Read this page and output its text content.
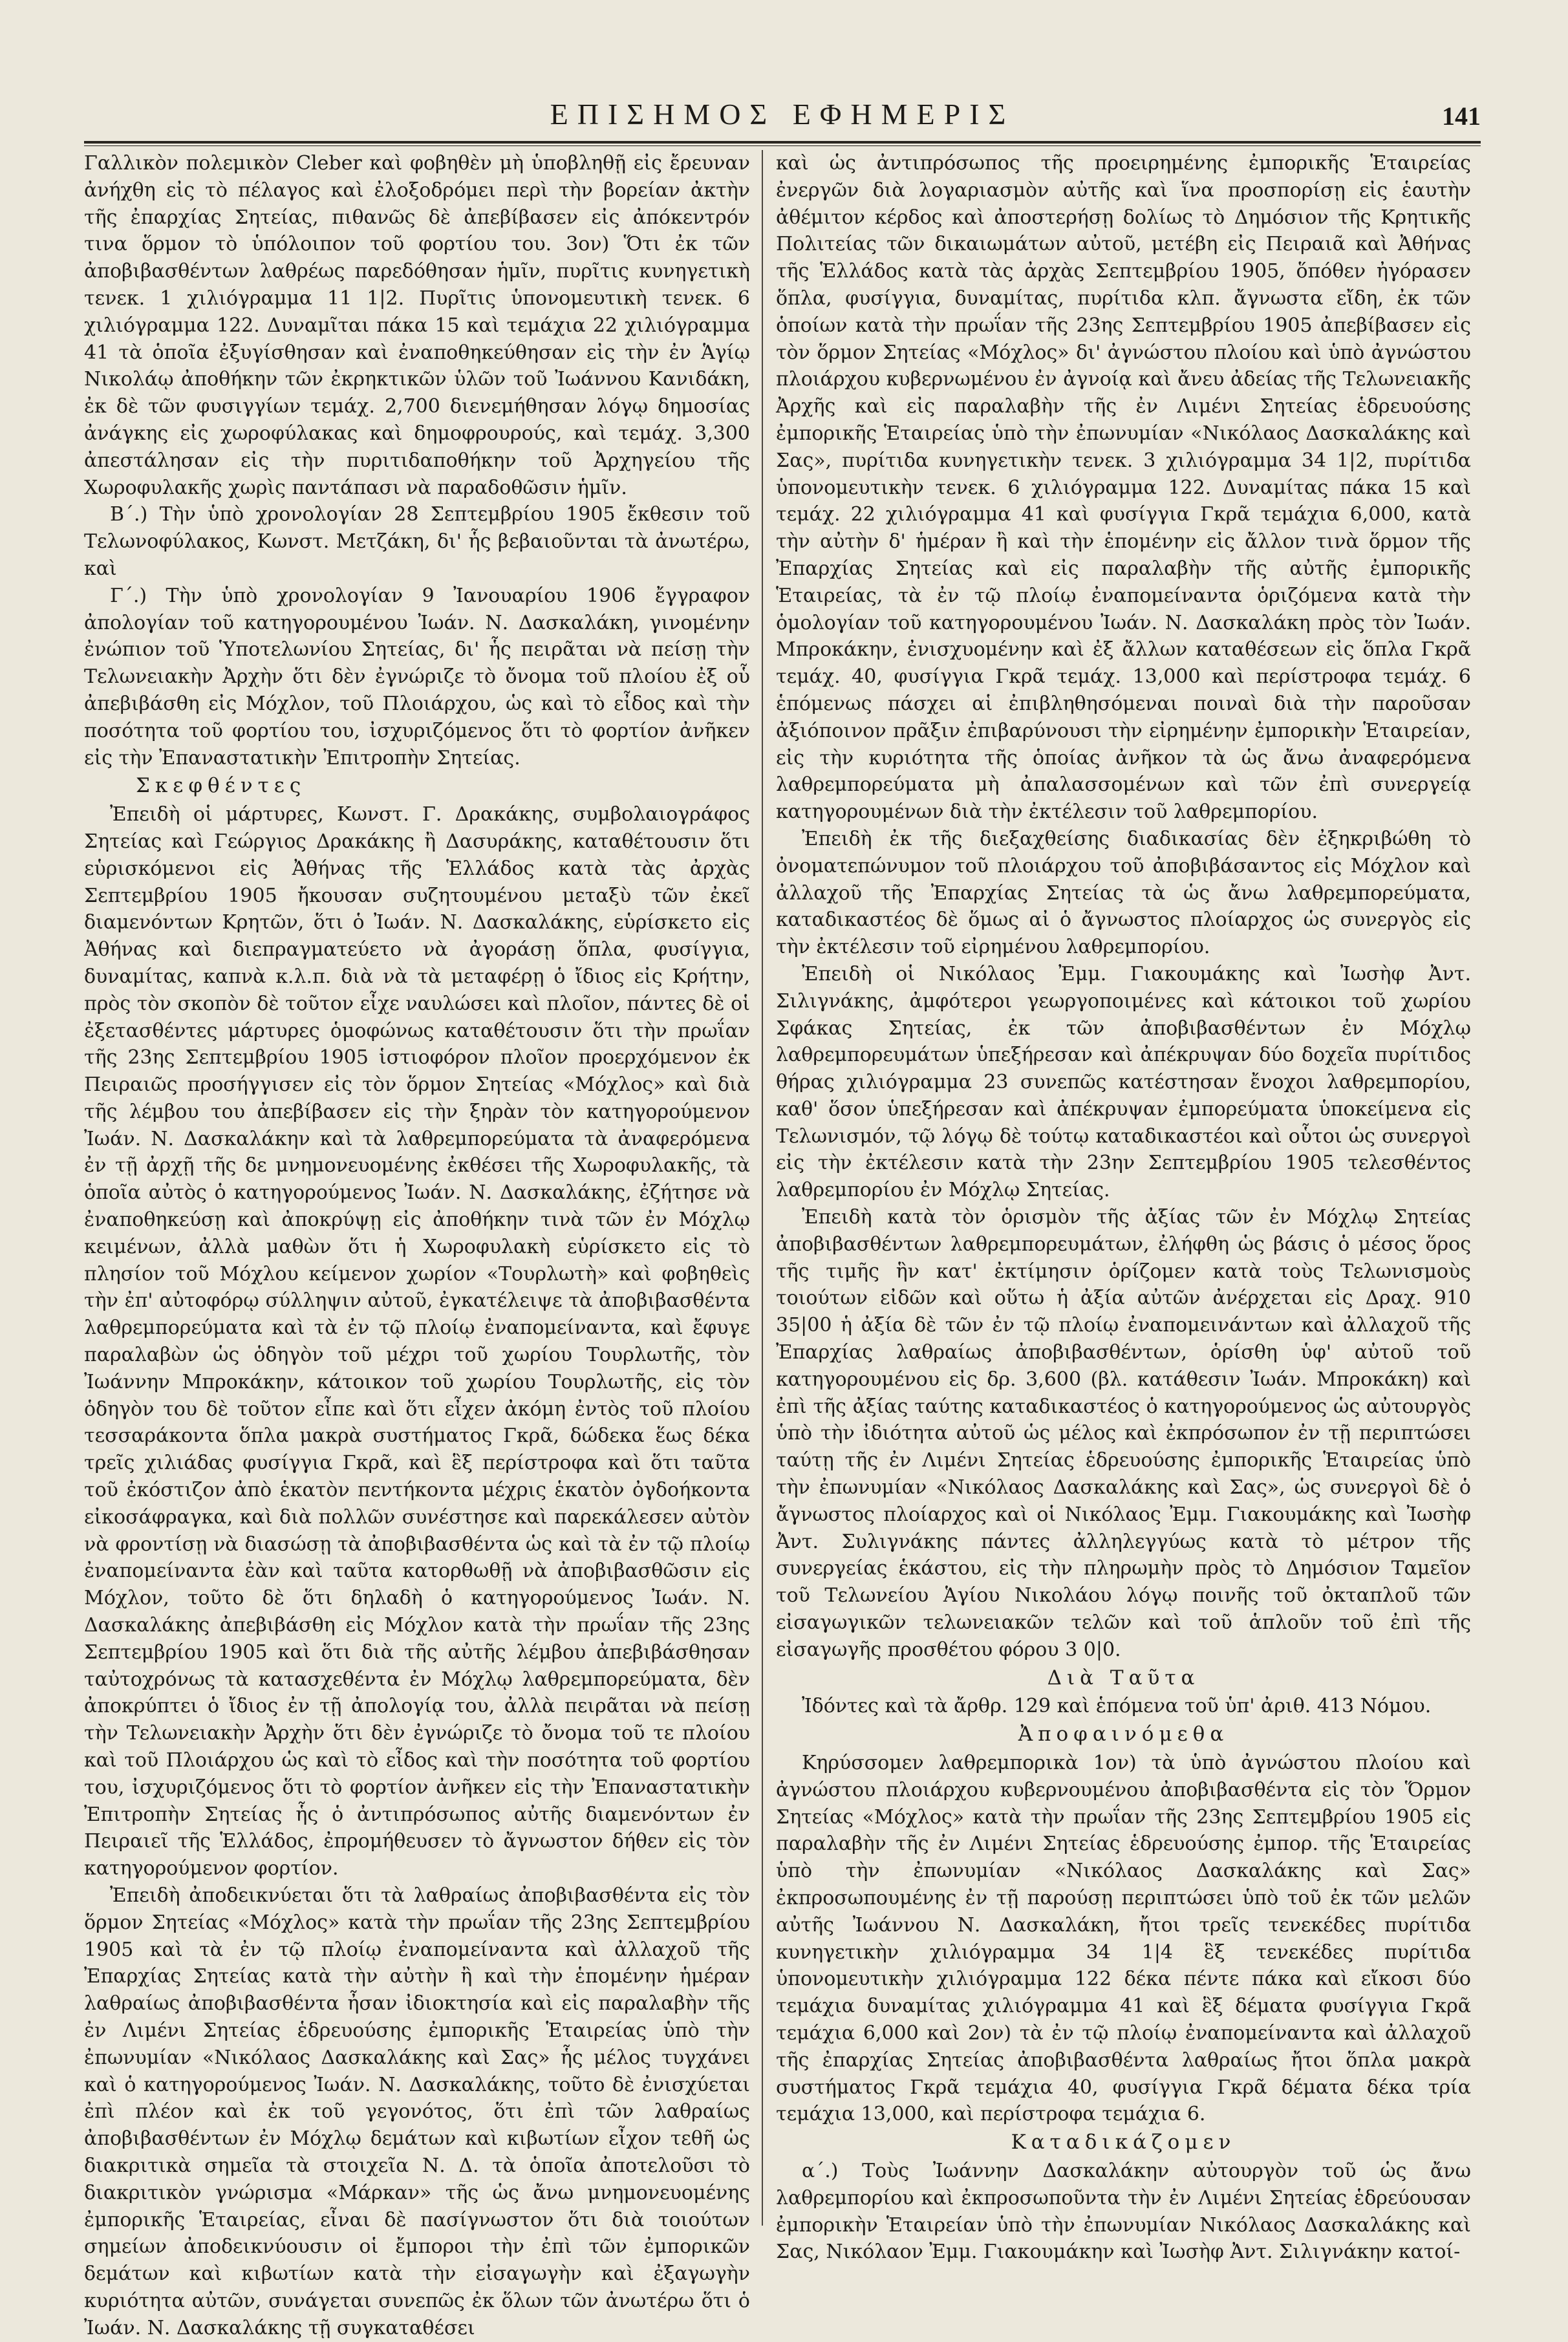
ΕΠΙΣΗΜΟΣ ΕΦΗΜΕΡΙΣ	141

Γαλλικὸν πολεμικὸν Cleber καὶ φοβηθὲν μὴ ὑποβληθῇ εἰς ἔρευναν ἀνήχθη εἰς τὸ πέλαγος καὶ ἐλοξοδρόμει περὶ τὴν βορείαν ἀκτὴν τῆς ἐπαρχίας Σητείας, πιθανῶς δὲ ἀπεβίβασεν εἰς ἀπόκεντρόν τινα ὅρμον τὸ ὑπόλοιπον τοῦ φορτίου του. 3ον) Ὅτι ἐκ τῶν ἀποβιβασθέντων λαθρέως παρεδόθησαν ἡμῖν, πυρῖτις κυνηγετικὴ τενεκ. 1 χιλιόγραμμα 11 1|2. Πυρῖτις ὑπονομευτικὴ τενεκ. 6 χιλιόγραμμα 122. Δυναμῖται πάκα 15 καὶ τεμάχια 22 χιλιόγραμμα 41 τὰ ὁποῖα ἐξυγίσθησαν καὶ ἐναποθηκεύθησαν εἰς τὴν ἐν Ἁγίῳ Νικολάῳ ἀποθήκην τῶν ἐκρηκτικῶν ὑλῶν τοῦ Ἰωάννου Κανιδάκη, ἐκ δὲ τῶν φυσιγγίων τεμάχ. 2,700 διενεμήθησαν λόγῳ δημοσίας ἀνάγκης εἰς χωροφύλακας καὶ δημοφρουρούς, καὶ τεμάχ. 3,300 ἀπεστάλησαν εἰς τὴν πυριτιδαποθήκην τοῦ Ἀρχηγείου τῆς Χωροφυλακῆς χωρὶς παντάπασι νὰ παραδοθῶσιν ἡμῖν.

Β΄.) Τὴν ὑπὸ χρονολογίαν 28 Σεπτεμβρίου 1905 ἔκθεσιν τοῦ Τελωνοφύλακος, Κωνστ. Μετζάκη, δι' ἧς βεβαιοῦνται τὰ ἀνωτέρω, καὶ

Γ΄.) Τὴν ὑπὸ χρονολογίαν 9 Ἰανουαρίου 1906 ἔγγραφον ἀπολογίαν τοῦ κατηγορουμένου Ἰωάν. Ν. Δασκαλάκη, γινομένην ἐνώπιον τοῦ Ὑποτελωνίου Σητείας, δι' ἧς πειρᾶται νὰ πείσῃ τὴν Τελωνειακὴν Ἀρχὴν ὅτι δὲν ἐγνώριζε τὸ ὄνομα τοῦ πλοίου ἐξ οὗ ἀπεβιβάσθη εἰς Μόχλον, τοῦ Πλοιάρχου, ὡς καὶ τὸ εἶδος καὶ τὴν ποσότητα τοῦ φορτίου του, ἰσχυριζόμενος ὅτι τὸ φορτίον ἀνῆκεν εἰς τὴν Ἐπαναστατικὴν Ἐπιτροπὴν Σητείας.

Σκεφθέντες

Ἐπειδὴ οἱ μάρτυρες, Κωνστ. Γ. Δρακάκης, συμβολαιογράφος Σητείας καὶ Γεώργιος Δρακάκης ἢ Δασυράκης, καταθέτουσιν ὅτι εὑρισκόμενοι εἰς Ἀθήνας τῆς Ἑλλάδος κατὰ τὰς ἀρχὰς Σεπτεμβρίου 1905 ἤκουσαν συζητουμένου μεταξὺ τῶν ἐκεῖ διαμενόντων Κρητῶν, ὅτι ὁ Ἰωάν. Ν. Δασκαλάκης, εὑρίσκετο εἰς Ἀθήνας καὶ διεπραγματεύετο νὰ ἀγοράσῃ ὅπλα, φυσίγγια, δυναμίτας, καπνὰ κ.λ.π. διὰ νὰ τὰ μεταφέρῃ ὁ ἴδιος εἰς Κρήτην, πρὸς τὸν σκοπὸν δὲ τοῦτον εἶχε ναυλώσει καὶ πλοῖον, πάντες δὲ οἱ ἐξετασθέντες μάρτυρες ὁμοφώνως καταθέτουσιν ὅτι τὴν πρωΐαν τῆς 23ης Σεπτεμβρίου 1905 ἱστιοφόρον πλοῖον προερχόμενον ἐκ Πειραιῶς προσήγγισεν εἰς τὸν ὅρμον Σητείας «Μόχλος» καὶ διὰ τῆς λέμβου του ἀπεβίβασεν εἰς τὴν ξηρὰν τὸν κατηγορούμενον Ἰωάν. Ν. Δασκαλάκην καὶ τὰ λαθρεμπορεύματα τὰ ἀναφερόμενα ἐν τῇ ἀρχῇ τῆς δε μνημονευομένης ἐκθέσει τῆς Χωροφυλακῆς, τὰ ὁποῖα αὐτὸς ὁ κατηγορούμενος Ἰωάν. Ν. Δασκαλάκης, ἐζήτησε νὰ ἐναποθηκεύσῃ καὶ ἀποκρύψῃ εἰς ἀποθήκην τινὰ τῶν ἐν Μόχλῳ κειμένων, ἀλλὰ μαθὼν ὅτι ἡ Χωροφυλακὴ εὑρίσκετο εἰς τὸ πλησίον τοῦ Μόχλου κείμενον χωρίον «Τουρλωτὴ» καὶ φοβηθεὶς τὴν ἐπ' αὐτοφόρῳ σύλληψιν αὐτοῦ, ἐγκατέλειψε τὰ ἀποβιβασθέντα λαθρεμπορεύματα καὶ τὰ ἐν τῷ πλοίῳ ἐναπομείναντα, καὶ ἔφυγε παραλαβὼν ὡς ὁδηγὸν τοῦ μέχρι τοῦ χωρίου Τουρλωτῆς, τὸν Ἰωάννην Μπροκάκην, κάτοικον τοῦ χωρίου Τουρλωτῆς, εἰς τὸν ὁδηγὸν του δὲ τοῦτον εἶπε καὶ ὅτι εἶχεν ἀκόμη ἐντὸς τοῦ πλοίου τεσσαράκοντα ὅπλα μακρὰ συστήματος Γκρᾶ, δώδεκα ἕως δέκα τρεῖς χιλιάδας φυσίγγια Γκρᾶ, καὶ ἓξ περίστροφα καὶ ὅτι ταῦτα τοῦ ἐκόστιζον ἀπὸ ἑκατὸν πεντήκοντα μέχρις ἑκατὸν ὀγδοήκοντα εἰκοσάφραγκα, καὶ διὰ πολλῶν συνέστησε καὶ παρεκάλεσεν αὐτὸν νὰ φροντίσῃ νὰ διασώσῃ τὰ ἀποβιβασθέντα ὡς καὶ τὰ ἐν τῷ πλοίῳ ἐναπομείναντα ἐὰν καὶ ταῦτα κατορθωθῇ νὰ ἀποβιβασθῶσιν εἰς Μόχλον, τοῦτο δὲ ὅτι δηλαδὴ ὁ κατηγορούμενος Ἰωάν. Ν. Δασκαλάκης ἀπεβιβάσθη εἰς Μόχλον κατὰ τὴν πρωΐαν τῆς 23ης Σεπτεμβρίου 1905 καὶ ὅτι διὰ τῆς αὐτῆς λέμβου ἀπεβιβάσθησαν ταὐτοχρόνως τὰ κατασχεθέντα ἐν Μόχλῳ λαθρεμπορεύματα, δὲν ἀποκρύπτει ὁ ἴδιος ἐν τῇ ἀπολογίᾳ του, ἀλλὰ πειρᾶται νὰ πείσῃ τὴν Τελωνειακὴν Ἀρχὴν ὅτι δὲν ἐγνώριζε τὸ ὄνομα τοῦ τε πλοίου καὶ τοῦ Πλοιάρχου ὡς καὶ τὸ εἶδος καὶ τὴν ποσότητα τοῦ φορτίου του, ἰσχυριζόμενος ὅτι τὸ φορτίον ἀνῆκεν εἰς τὴν Ἐπαναστατικὴν Ἐπιτροπὴν Σητείας ἧς ὁ ἀντιπρόσωπος αὐτῆς διαμενόντων ἐν Πειραιεῖ τῆς Ἑλλάδος, ἐπρομήθευσεν τὸ ἄγνωστον δήθεν εἰς τὸν κατηγορούμενον φορτίον.

Ἐπειδὴ ἀποδεικνύεται ὅτι τὰ λαθραίως ἀποβιβασθέντα εἰς τὸν ὅρμον Σητείας «Μόχλος» κατὰ τὴν πρωΐαν τῆς 23ης Σεπτεμβρίου 1905 καὶ τὰ ἐν τῷ πλοίῳ ἐναπομείναντα καὶ ἀλλαχοῦ τῆς Ἐπαρχίας Σητείας κατὰ τὴν αὐτὴν ἢ καὶ τὴν ἑπομένην ἡμέραν λαθραίως ἀποβιβασθέντα ἦσαν ἰδιοκτησία καὶ εἰς παραλαβὴν τῆς ἐν Λιμένι Σητείας ἑδρευούσης ἐμπορικῆς Ἑταιρείας ὑπὸ τὴν ἐπωνυμίαν «Νικόλαος Δασκαλάκης καὶ Σας» ἧς μέλος τυγχάνει καὶ ὁ κατηγορούμενος Ἰωάν. Ν. Δασκαλάκης, τοῦτο δὲ ἐνισχύεται ἐπὶ πλέον καὶ ἐκ τοῦ γεγονότος, ὅτι ἐπὶ τῶν λαθραίως ἀποβιβασθέντων ἐν Μόχλῳ δεμάτων καὶ κιβωτίων εἶχον τεθῆ ὡς διακριτικὰ σημεῖα τὰ στοιχεῖα Ν. Δ. τὰ ὁποῖα ἀποτελοῦσι τὸ διακριτικὸν γνώρισμα «Μάρκαν» τῆς ὡς ἄνω μνημονευομένης ἐμπορικῆς Ἑταιρείας, εἶναι δὲ πασίγνωστον ὅτι διὰ τοιούτων σημείων ἀποδεικνύουσιν οἱ ἔμποροι τὴν ἐπὶ τῶν ἐμπορικῶν δεμάτων καὶ κιβωτίων κατὰ τὴν εἰσαγωγὴν καὶ ἐξαγωγὴν κυριότητα αὐτῶν, συνάγεται συνεπῶς ἐκ ὅλων τῶν ἀνωτέρω ὅτι ὁ Ἰωάν. Ν. Δασκαλάκης τῇ συγκαταθέσει

καὶ ὡς ἀντιπρόσωπος τῆς προειρημένης ἐμπορικῆς Ἑταιρείας ἐνεργῶν διὰ λογαριασμὸν αὐτῆς καὶ ἵνα προσπορίσῃ εἰς ἑαυτὴν ἀθέμιτον κέρδος καὶ ἀποστερήσῃ δολίως τὸ Δημόσιον τῆς Κρητικῆς Πολιτείας τῶν δικαιωμάτων αὐτοῦ, μετέβη εἰς Πειραιᾶ καὶ Ἀθήνας τῆς Ἑλλάδος κατὰ τὰς ἀρχὰς Σεπτεμβρίου 1905, ὅπόθεν ἠγόρασεν ὅπλα, φυσίγγια, δυναμίτας, πυρίτιδα κλπ. ἄγνωστα εἴδη, ἐκ τῶν ὁποίων κατὰ τὴν πρωΐαν τῆς 23ης Σεπτεμβρίου 1905 ἀπεβίβασεν εἰς τὸν ὅρμον Σητείας «Μόχλος» δι' ἀγνώστου πλοίου καὶ ὑπὸ ἀγνώστου πλοιάρχου κυβερνωμένου ἐν ἀγνοίᾳ καὶ ἄνευ ἀδείας τῆς Τελωνειακῆς Ἀρχῆς καὶ εἰς παραλαβὴν τῆς ἐν Λιμένι Σητείας ἑδρευούσης ἐμπορικῆς Ἑταιρείας ὑπὸ τὴν ἐπωνυμίαν «Νικόλαος Δασκαλάκης καὶ Σας», πυρίτιδα κυνηγετικὴν τενεκ. 3 χιλιόγραμμα 34 1|2, πυρίτιδα ὑπονομευτικὴν τενεκ. 6 χιλιόγραμμα 122. Δυναμίτας πάκα 15 καὶ τεμάχ. 22 χιλιόγραμμα 41 καὶ φυσίγγια Γκρᾶ τεμάχια 6,000, κατὰ τὴν αὐτὴν δ' ἡμέραν ἢ καὶ τὴν ἑπομένην εἰς ἄλλον τινὰ ὅρμον τῆς Ἐπαρχίας Σητείας καὶ εἰς παραλαβὴν τῆς αὐτῆς ἐμπορικῆς Ἑταιρείας, τὰ ἐν τῷ πλοίῳ ἐναπομείναντα ὁριζόμενα κατὰ τὴν ὁμολογίαν τοῦ κατηγορουμένου Ἰωάν. Ν. Δασκαλάκη πρὸς τὸν Ἰωάν. Μπροκάκην, ἐνισχυομένην καὶ ἐξ ἄλλων καταθέσεων εἰς ὅπλα Γκρᾶ τεμάχ. 40, φυσίγγια Γκρᾶ τεμάχ. 13,000 καὶ περίστροφα τεμάχ. 6 ἑπόμενως πάσχει αἱ ἐπιβληθησόμεναι ποιναὶ διὰ τὴν παροῦσαν ἀξιόποινον πρᾶξιν ἐπιβαρύνουσι τὴν εἰρημένην ἐμπορικὴν Ἑταιρείαν, εἰς τὴν κυριότητα τῆς ὁποίας ἀνῆκον τὰ ὡς ἄνω ἀναφερόμενα λαθρεμπορεύματα μὴ ἀπαλασσομένων καὶ τῶν ἐπὶ συνεργείᾳ κατηγορουμένων διὰ τὴν ἐκτέλεσιν τοῦ λαθρεμπορίου.

Ἐπειδὴ ἐκ τῆς διεξαχθείσης διαδικασίας δὲν ἐξηκριβώθη τὸ ὀνοματεπώνυμον τοῦ πλοιάρχου τοῦ ἀποβιβάσαντος εἰς Μόχλον καὶ ἀλλαχοῦ τῆς Ἐπαρχίας Σητείας τὰ ὡς ἄνω λαθρεμπορεύματα, καταδικαστέος δὲ ὅμως αἰ ὁ ἄγνωστος πλοίαρχος ὡς συνεργὸς εἰς τὴν ἐκτέλεσιν τοῦ εἰρημένου λαθρεμπορίου.

Ἐπειδὴ οἱ Νικόλαος Ἐμμ. Γιακουμάκης καὶ Ἰωσὴφ Ἀντ. Σιλιγνάκης, ἀμφότεροι γεωργοποιμένες καὶ κάτοικοι τοῦ χωρίου Σφάκας Σητείας, ἐκ τῶν ἀποβιβασθέντων ἐν Μόχλῳ λαθρεμπορευμάτων ὑπεξήρεσαν καὶ ἀπέκρυψαν δύο δοχεῖα πυρίτιδος θήρας χιλιόγραμμα 23 συνεπῶς κατέστησαν ἔνοχοι λαθρεμπορίου, καθ' ὅσον ὑπεξήρεσαν καὶ ἀπέκρυψαν ἐμπορεύματα ὑποκείμενα εἰς Τελωνισμόν, τῷ λόγῳ δὲ τούτῳ καταδικαστέοι καὶ οὗτοι ὡς συνεργοὶ εἰς τὴν ἐκτέλεσιν κατὰ τὴν 23ην Σεπτεμβρίου 1905 τελεσθέντος λαθρεμπορίου ἐν Μόχλῳ Σητείας.

Ἐπειδὴ κατὰ τὸν ὁρισμὸν τῆς ἀξίας τῶν ἐν Μόχλῳ Σητείας ἀποβιβασθέντων λαθρεμπορευμάτων, ἐλήφθη ὡς βάσις ὁ μέσος ὅρος τῆς τιμῆς ἣν κατ' ἐκτίμησιν ὁρίζομεν κατὰ τοὺς Τελωνισμοὺς τοιούτων εἰδῶν καὶ οὕτω ἡ ἀξία αὐτῶν ἀνέρχεται εἰς Δραχ. 910 35|00 ἡ ἀξία δὲ τῶν ἐν τῷ πλοίῳ ἐναπομεινάντων καὶ ἀλλαχοῦ τῆς Ἐπαρχίας λαθραίως ἀποβιβασθέντων, ὁρίσθη ὑφ' αὐτοῦ τοῦ κατηγορουμένου εἰς δρ. 3,600 (βλ. κατάθεσιν Ἰωάν. Μπροκάκη) καὶ ἐπὶ τῆς ἀξίας ταύτης καταδικαστέος ὁ κατηγορούμενος ὡς αὐτουργὸς ὑπὸ τὴν ἰδιότητα αὐτοῦ ὡς μέλος καὶ ἐκπρόσωπον ἐν τῇ περιπτώσει ταύτῃ τῆς ἐν Λιμένι Σητείας ἑδρευούσης ἐμπορικῆς Ἑταιρείας ὑπὸ τὴν ἐπωνυμίαν «Νικόλαος Δασκαλάκης καὶ Σας», ὡς συνεργοὶ δὲ ὁ ἄγνωστος πλοίαρχος καὶ οἱ Νικόλαος Ἐμμ. Γιακουμάκης καὶ Ἰωσὴφ Ἀντ. Συλιγνάκης πάντες ἀλληλεγγύως κατὰ τὸ μέτρον τῆς συνεργείας ἑκάστου, εἰς τὴν πληρωμὴν πρὸς τὸ Δημόσιον Ταμεῖον τοῦ Τελωνείου Ἁγίου Νικολάου λόγῳ ποινῆς τοῦ ὀκταπλοῦ τῶν εἰσαγωγικῶν τελωνειακῶν τελῶν καὶ τοῦ ἁπλοῦν τοῦ ἐπὶ τῆς εἰσαγωγῆς προσθέτου φόρου 3 0|0.

Διὰ Ταῦτα

Ἰδόντες καὶ τὰ ἄρθρ. 129 καὶ ἑπόμενα τοῦ ὑπ' ἀριθ. 413 Νόμου.

Ἀποφαινόμεθα

Κηρύσσομεν λαθρεμπορικὰ 1ον) τὰ ὑπὸ ἀγνώστου πλοίου καὶ ἀγνώστου πλοιάρχου κυβερνουμένου ἀποβιβασθέντα εἰς τὸν Ὅρμον Σητείας «Μόχλος» κατὰ τὴν πρωΐαν τῆς 23ης Σεπτεμβρίου 1905 εἰς παραλαβὴν τῆς ἐν Λιμένι Σητείας ἑδρευούσης ἐμπορ. τῆς Ἑταιρείας ὑπὸ τὴν ἐπωνυμίαν «Νικόλαος Δασκαλάκης καὶ Σας» ἐκπροσωπουμένης ἐν τῇ παρούσῃ περιπτώσει ὑπὸ τοῦ ἐκ τῶν μελῶν αὐτῆς Ἰωάννου Ν. Δασκαλάκη, ἤτοι τρεῖς τενεκέδες πυρίτιδα κυνηγετικὴν χιλιόγραμμα 34 1|4 ἓξ τενεκέδες πυρίτιδα ὑπονομευτικὴν χιλιόγραμμα 122 δέκα πέντε πάκα καὶ εἴκοσι δύο τεμάχια δυναμίτας χιλιόγραμμα 41 καὶ ἓξ δέματα φυσίγγια Γκρᾶ τεμάχια 6,000 καὶ 2ον) τὰ ἐν τῷ πλοίῳ ἐναπομείναντα καὶ ἀλλαχοῦ τῆς ἐπαρχίας Σητείας ἀποβιβασθέντα λαθραίως ἤτοι ὅπλα μακρὰ συστήματος Γκρᾶ τεμάχια 40, φυσίγγια Γκρᾶ δέματα δέκα τρία τεμάχια 13,000, καὶ περίστροφα τεμάχια 6.

Καταδικάζομεν

α΄.) Τοὺς Ἰωάννην Δασκαλάκην αὐτουργὸν τοῦ ὡς ἄνω λαθρεμπορίου καὶ ἐκπροσωποῦντα τὴν ἐν Λιμένι Σητείας ἑδρεύουσαν ἐμπορικὴν Ἑταιρείαν ὑπὸ τὴν ἐπωνυμίαν Νικόλαος Δασκαλάκης καὶ Σας, Νικόλαον Ἐμμ. Γιακουμάκην καὶ Ἰωσὴφ Ἀντ. Σιλιγνάκην κατοί-
